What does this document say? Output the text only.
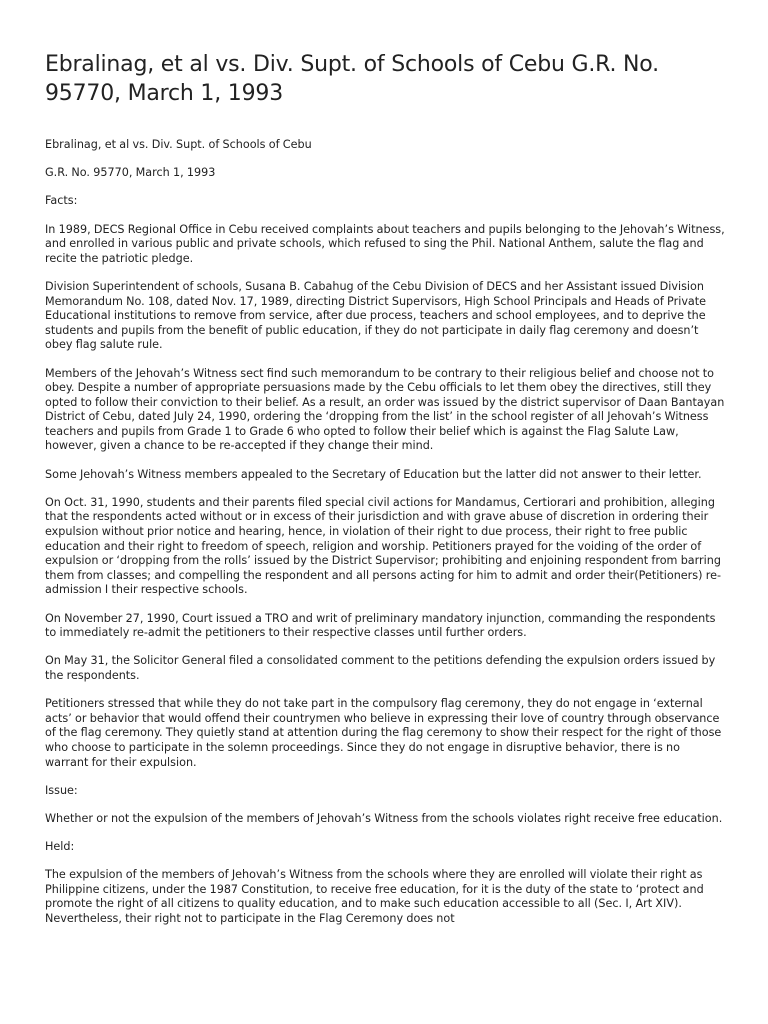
Ebralinag, et al vs. Div. Supt. of Schools of Cebu G.R. No. 95770, March 1, 1993

Ebralinag, et al vs. Div. Supt. of Schools of Cebu

G.R. No. 95770, March 1, 1993

Facts:

In 1989, DECS Regional Office in Cebu received complaints about teachers and pupils belonging to the Jehovah’s Witness, and enrolled in various public and private schools, which refused to sing the Phil. National Anthem, salute the flag and recite the patriotic pledge.

Division Superintendent of schools, Susana B. Cabahug of the Cebu Division of DECS and her Assistant issued Division Memorandum No. 108, dated Nov. 17, 1989, directing District Supervisors, High School Principals and Heads of Private Educational institutions to remove from service, after due process, teachers and school employees, and to deprive the students and pupils from the benefit of public education, if they do not participate in daily flag ceremony and doesn’t obey flag salute rule.

Members of the Jehovah’s Witness sect find such memorandum to be contrary to their religious belief and choose not to obey. Despite a number of appropriate persuasions made by the Cebu officials to let them obey the directives, still they opted to follow their conviction to their belief. As a result, an order was issued by the district supervisor of Daan Bantayan District of Cebu, dated July 24, 1990, ordering the ‘dropping from the list’ in the school register of all Jehovah’s Witness teachers and pupils from Grade 1 to Grade 6 who opted to follow their belief which is against the Flag Salute Law, however, given a chance to be re-accepted if they change their mind.

Some Jehovah’s Witness members appealed to the Secretary of Education but the latter did not answer to their letter.

On Oct. 31, 1990, students and their parents filed special civil actions for Mandamus, Certiorari and prohibition, alleging that the respondents acted without or in excess of their jurisdiction and with grave abuse of discretion in ordering their expulsion without prior notice and hearing, hence, in violation of their right to due process, their right to free public education and their right to freedom of speech, religion and worship. Petitioners prayed for the voiding of the order of expulsion or ‘dropping from the rolls’ issued by the District Supervisor; prohibiting and enjoining respondent from barring them from classes; and compelling the respondent and all persons acting for him to admit and order their(Petitioners) re-admission I their respective schools.

On November 27, 1990, Court issued a TRO and writ of preliminary mandatory injunction, commanding the respondents to immediately re-admit the petitioners to their respective classes until further orders.

On May 31, the Solicitor General filed a consolidated comment to the petitions defending the expulsion orders issued by the respondents.

Petitioners stressed that while they do not take part in the compulsory flag ceremony, they do not engage in ‘external acts’ or behavior that would offend their countrymen who believe in expressing their love of country through observance of the flag ceremony. They quietly stand at attention during the flag ceremony to show their respect for the right of those who choose to participate in the solemn proceedings. Since they do not engage in disruptive behavior, there is no warrant for their expulsion.

Issue:

Whether or not the expulsion of the members of Jehovah’s Witness from the schools violates right receive free education.

Held:

The expulsion of the members of Jehovah’s Witness from the schools where they are enrolled will violate their right as Philippine citizens, under the 1987 Constitution, to receive free education, for it is the duty of the state to ‘protect and promote the right of all citizens to quality education, and to make such education accessible to all (Sec. I, Art XIV). Nevertheless, their right not to participate in the Flag Ceremony does not
